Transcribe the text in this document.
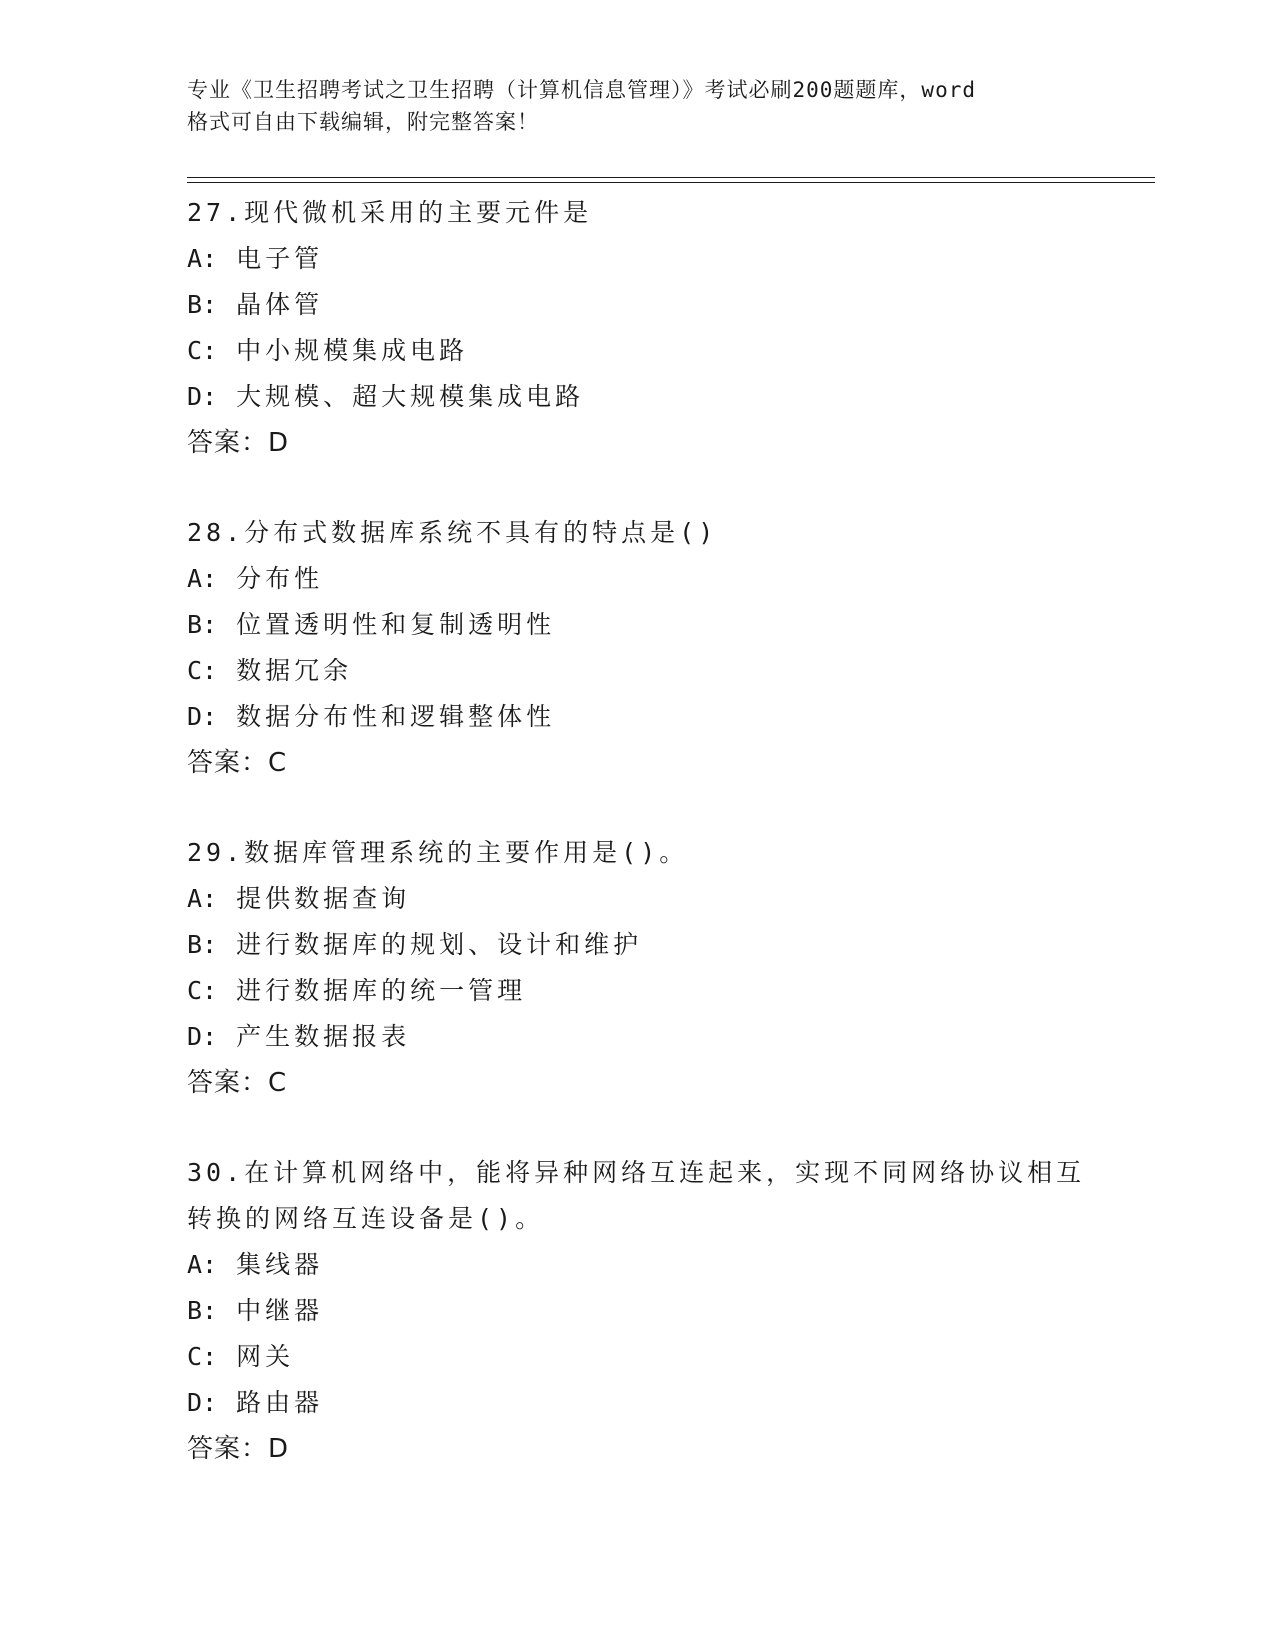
专业《卫生招聘考试之卫生招聘（计算机信息管理）》考试必刷200题题库，word
格式可自由下载编辑，附完整答案！
27.现代微机采用的主要元件是
A: 电子管
B: 晶体管
C: 中小规模集成电路
D: 大规模、超大规模集成电路
答案：D
28.分布式数据库系统不具有的特点是()
A: 分布性
B: 位置透明性和复制透明性
C: 数据冗余
D: 数据分布性和逻辑整体性
答案：C
29.数据库管理系统的主要作用是()。
A: 提供数据查询
B: 进行数据库的规划、设计和维护
C: 进行数据库的统一管理
D: 产生数据报表
答案：C
30.在计算机网络中，能将异种网络互连起来，实现不同网络协议相互
转换的网络互连设备是()。
A: 集线器
B: 中继器
C: 网关
D: 路由器
答案：D
